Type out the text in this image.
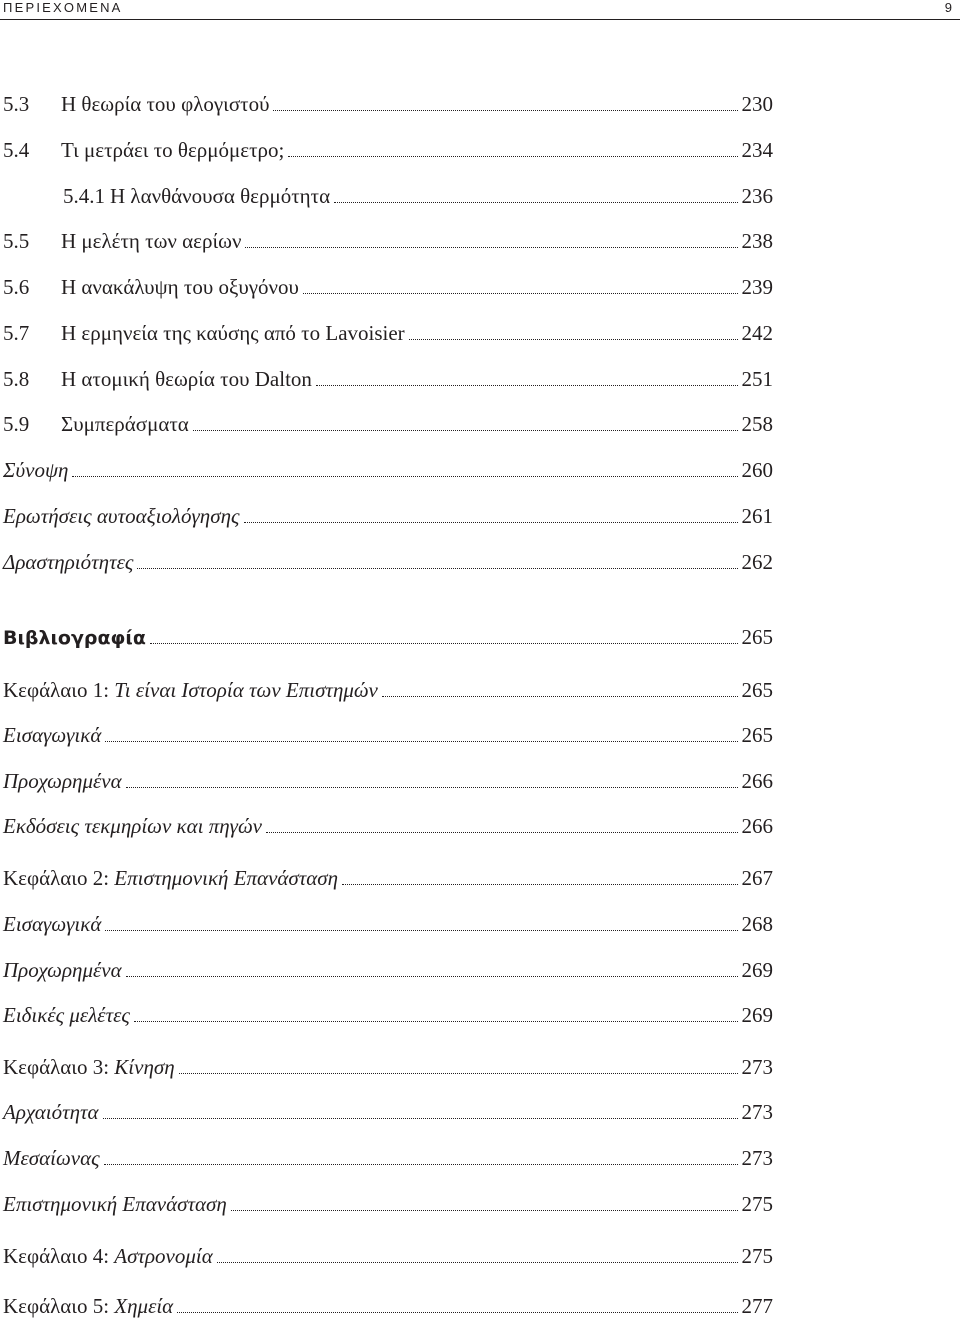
ΠΕΡΙΕΧΟΜΕΝΑ	9
5.3	Η θεωρία του φλογιστού	230
5.4	Τι μετράει το θερμόμετρο;	234
5.4.1 Η λανθάνουσα θερμότητα	236
5.5	Η μελέτη των αερίων	238
5.6	Η ανακάλυψη του οξυγόνου	239
5.7	Η ερμηνεία της καύσης από το Lavoisier	242
5.8	Η ατομική θεωρία του Dalton	251
5.9	Συμπεράσματα	258
Σύνοψη	260
Ερωτήσεις αυτοαξιολόγησης	261
Δραστηριότητες	262
Βιβλιογραφία	265
Κεφάλαιο 1: Τι είναι Ιστορία των Επιστημών	265
Εισαγωγικά	265
Προχωρημένα	266
Εκδόσεις τεκμηρίων και πηγών	266
Κεφάλαιο 2: Επιστημονική Επανάσταση	267
Εισαγωγικά	268
Προχωρημένα	269
Ειδικές μελέτες	269
Κεφάλαιο 3: Κίνηση	273
Αρχαιότητα	273
Μεσαίωνας	273
Επιστημονική Επανάσταση	275
Κεφάλαιο 4: Αστρονομία	275
Κεφάλαιο 5: Χημεία	277
